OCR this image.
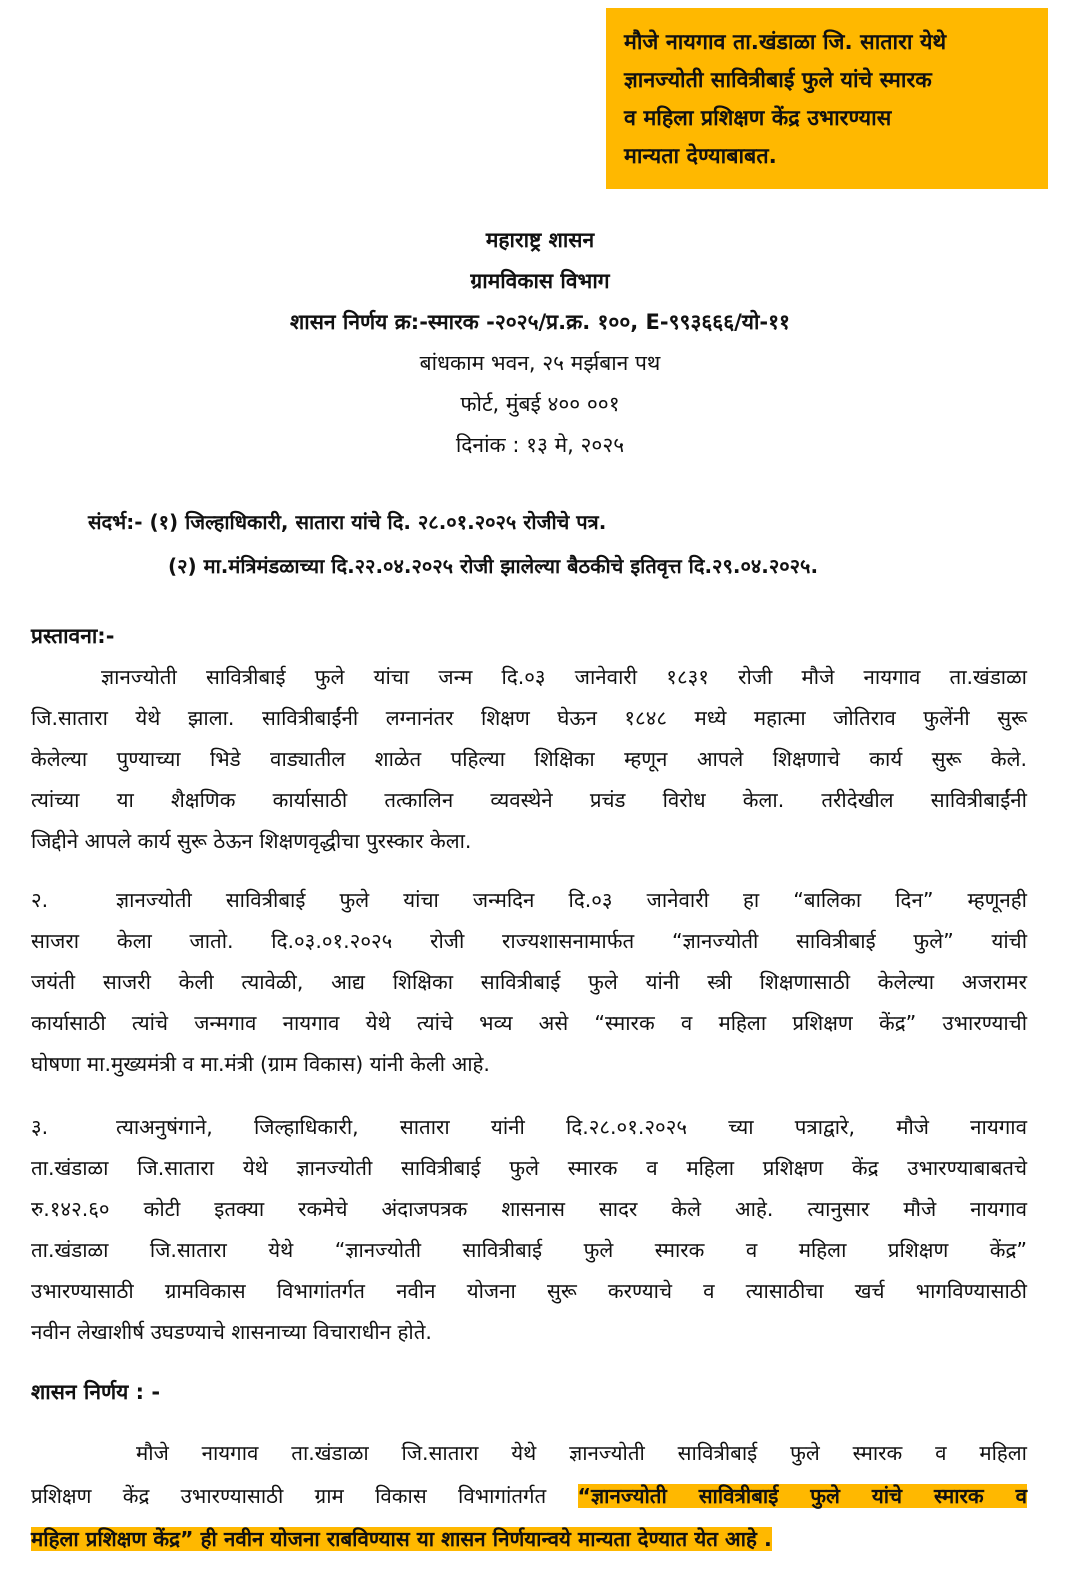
मौजे नायगाव ता.खंडाळा जि. सातारा येथे
ज्ञानज्योती सावित्रीबाई फुले यांचे स्मारक
व महिला प्रशिक्षण केंद्र उभारण्यास
मान्यता देण्याबाबत.
महाराष्ट्र शासन
ग्रामविकास विभाग
शासन निर्णय क्र:-स्मारक -२०२५/प्र.क्र. १००, E-९९३६६६/यो-११
बांधकाम भवन, २५ मर्झबान पथ
फोर्ट, मुंबई ४०० ००१
दिनांक : १३ मे, २०२५
संदर्भ:- (१) जिल्हाधिकारी, सातारा यांचे दि. २८.०१.२०२५ रोजीचे पत्र.
(२) मा.मंत्रिमंडळाच्या दि.२२.०४.२०२५ रोजी झालेल्या बैठकीचे इतिवृत्त दि.२९.०४.२०२५.
प्रस्तावना:-
ज्ञानज्योती सावित्रीबाई फुले यांचा जन्म दि.०३ जानेवारी १८३१ रोजी मौजे नायगाव ता.खंडाळा
जि.सातारा येथे झाला. सावित्रीबाईंनी लग्नानंतर शिक्षण घेऊन १८४८ मध्ये महात्मा जोतिराव फुलेंनी सुरू
केलेल्या पुण्याच्या भिडे वाड्यातील शाळेत पहिल्या शिक्षिका म्हणून आपले शिक्षणाचे कार्य सुरू केले.
त्यांच्या या शैक्षणिक कार्यासाठी तत्कालिन व्यवस्थेने प्रचंड विरोध केला. तरीदेखील सावित्रीबाईंनी
जिद्दीने आपले कार्य सुरू ठेऊन शिक्षणवृद्धीचा पुरस्कार केला.
२.	ज्ञानज्योती सावित्रीबाई फुले यांचा जन्मदिन दि.०३ जानेवारी हा “बालिका दिन” म्हणूनही
साजरा केला जातो. दि.०३.०१.२०२५ रोजी राज्यशासनामार्फत “ज्ञानज्योती सावित्रीबाई फुले” यांची
जयंती साजरी केली त्यावेळी, आद्य शिक्षिका सावित्रीबाई फुले यांनी स्त्री शिक्षणासाठी केलेल्या अजरामर
कार्यासाठी त्यांचे जन्मगाव नायगाव येथे त्यांचे भव्य असे “स्मारक व महिला प्रशिक्षण केंद्र” उभारण्याची
घोषणा मा.मुख्यमंत्री व मा.मंत्री (ग्राम विकास) यांनी केली आहे.
३.	त्याअनुषंगाने, जिल्हाधिकारी, सातारा यांनी दि.२८.०१.२०२५ च्या पत्राद्वारे, मौजे नायगाव
ता.खंडाळा जि.सातारा येथे ज्ञानज्योती सावित्रीबाई फुले स्मारक व महिला प्रशिक्षण केंद्र उभारण्याबाबतचे
रु.१४२.६० कोटी इतक्या रकमेचे अंदाजपत्रक शासनास सादर केले आहे. त्यानुसार मौजे नायगाव
ता.खंडाळा जि.सातारा येथे “ज्ञानज्योती सावित्रीबाई फुले स्मारक व महिला प्रशिक्षण केंद्र”
उभारण्यासाठी ग्रामविकास विभागांतर्गत नवीन योजना सुरू करण्याचे व त्यासाठीचा खर्च भागविण्यासाठी
नवीन लेखाशीर्ष उघडण्याचे शासनाच्या विचाराधीन होते.
शासन निर्णय : -
मौजे नायगाव ता.खंडाळा जि.सातारा येथे ज्ञानज्योती सावित्रीबाई फुले स्मारक व महिला
प्रशिक्षण केंद्र उभारण्यासाठी ग्राम विकास विभागांतर्गत “ज्ञानज्योती सावित्रीबाई फुले यांचे स्मारक व
महिला प्रशिक्षण केंद्र” ही नवीन योजना राबविण्यास या शासन निर्णयान्वये मान्यता देण्यात येत आहे .
